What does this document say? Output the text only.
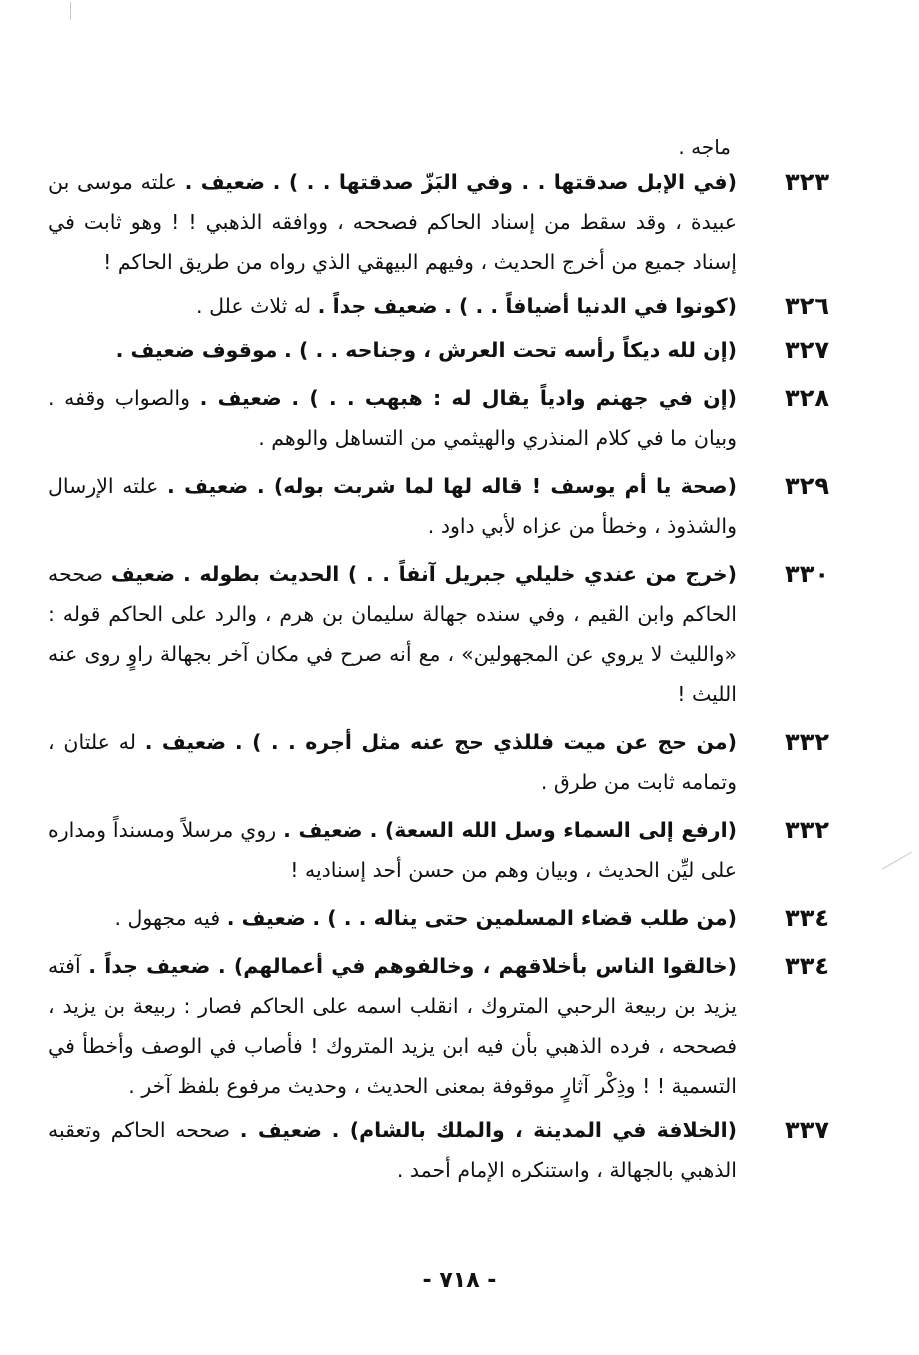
ماجه .

٣٢٣
(في الإبل صدقتها . . وفي البَزّ صدقتها . . ) . ضعيف . علته موسى بن عبيدة ، وقد سقط من إسناد الحاكم فصححه ، ووافقه الذهبي ! ! وهو ثابت في إسناد جميع من أخرج الحديث ، وفيهم البيهقي الذي رواه من طريق الحاكم !
٣٢٦
(كونوا في الدنيا أضيافاً . . ) . ضعيف جداً . له ثلاث علل .
٣٢٧
(إن لله ديكاً رأسه تحت العرش ، وجناحه . . ) . موقوف ضعيف .
٣٢٨
(إن في جهنم وادياً يقال له : هبهب . . ) . ضعيف . والصواب وقفه . وبيان ما في كلام المنذري والهيثمي من التساهل والوهم .
٣٢٩
(صحة يا أم يوسف ! قاله لها لما شربت بوله) . ضعيف . علته الإرسال والشذوذ ، وخطأ من عزاه لأبي داود .
٣٣٠
(خرج من عندي خليلي جبريل آنفاً . . ) الحديث بطوله . ضعيف صححه الحاكم وابن القيم ، وفي سنده جهالة سليمان بن هرم ، والرد على الحاكم قوله : «والليث لا يروي عن المجهولين» ، مع أنه صرح في مكان آخر بجهالة راوٍ روى عنه الليث !
٣٣٢
(من حج عن ميت فللذي حج عنه مثل أجره . . ) . ضعيف . له علتان ، وتمامه ثابت من طرق .
٣٣٢
(ارفع إلى السماء وسل الله السعة) . ضعيف . روي مرسلاً ومسنداً ومداره على ليِّن الحديث ، وبيان وهم من حسن أحد إسناديه !
٣٣٤
(من طلب قضاء المسلمين حتى يناله . . ) . ضعيف . فيه مجهول .
٣٣٤
(خالقوا الناس بأخلاقهم ، وخالفوهم في أعمالهم) . ضعيف جداً . آفته يزيد بن ربيعة الرحبي المتروك ، انقلب اسمه على الحاكم فصار : ربيعة بن يزيد ، فصححه ، فرده الذهبي بأن فيه ابن يزيد المتروك ! فأصاب في الوصف وأخطأ في التسمية ! ! وذِكْر آثارٍ موقوفة بمعنى الحديث ، وحديث مرفوع بلفظ آخر .
٣٣٧
(الخلافة في المدينة ، والملك بالشام) . ضعيف . صححه الحاكم وتعقبه الذهبي بالجهالة ، واستنكره الإمام أحمد .
- ٧١٨ -
